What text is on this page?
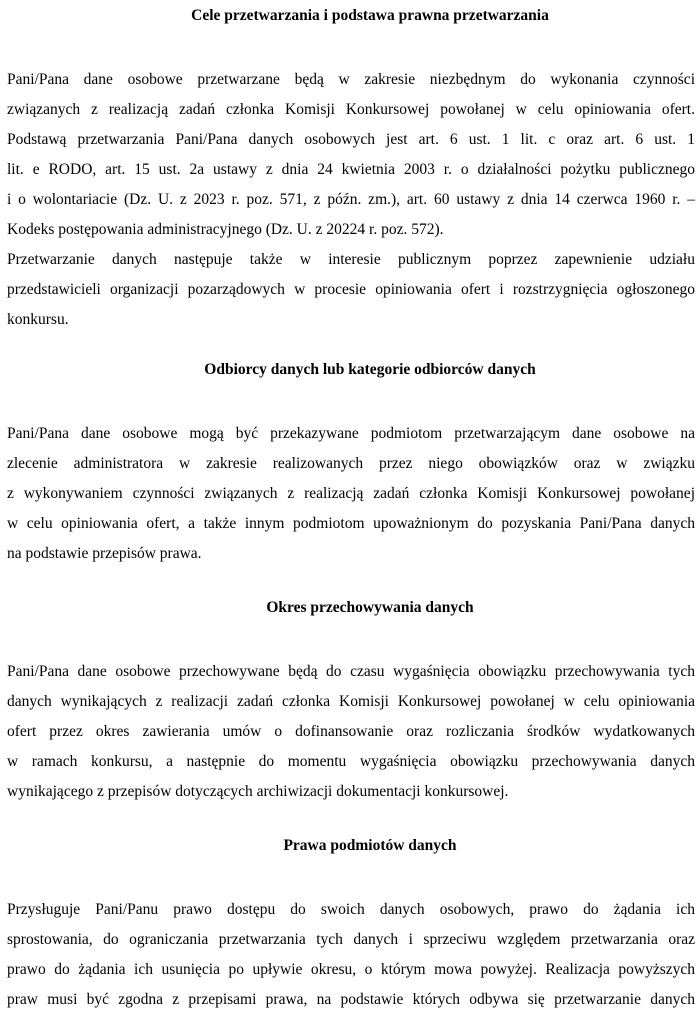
Cele przetwarzania i podstawa prawna przetwarzania
Pani/Pana dane osobowe przetwarzane będą w zakresie niezbędnym do wykonania czynności
związanych z realizacją zadań członka Komisji Konkursowej powołanej w celu opiniowania ofert.
Podstawą przetwarzania Pani/Pana danych osobowych jest art. 6 ust. 1 lit. c oraz art. 6 ust. 1
lit. e RODO, art. 15 ust. 2a ustawy z dnia 24 kwietnia 2003 r. o działalności pożytku publicznego
i o wolontariacie (Dz. U. z 2023 r. poz. 571, z późn. zm.), art. 60 ustawy z dnia 14 czerwca 1960 r. –
Kodeks postępowania administracyjnego (Dz. U. z 20224 r. poz. 572).
Przetwarzanie danych następuje także w interesie publicznym poprzez zapewnienie udziału
przedstawicieli organizacji pozarządowych w procesie opiniowania ofert i rozstrzygnięcia ogłoszonego
konkursu.
Odbiorcy danych lub kategorie odbiorców danych
Pani/Pana dane osobowe mogą być przekazywane podmiotom przetwarzającym dane osobowe na
zlecenie administratora w zakresie realizowanych przez niego obowiązków oraz w związku
z wykonywaniem czynności związanych z realizacją zadań członka Komisji Konkursowej powołanej
w celu opiniowania ofert, a także innym podmiotom upoważnionym do pozyskania Pani/Pana danych
na podstawie przepisów prawa.
Okres przechowywania danych
Pani/Pana dane osobowe przechowywane będą do czasu wygaśnięcia obowiązku przechowywania tych
danych wynikających z realizacji zadań członka Komisji Konkursowej powołanej w celu opiniowania
ofert przez okres zawierania umów o dofinansowanie oraz rozliczania środków wydatkowanych
w ramach konkursu, a następnie do momentu wygaśnięcia obowiązku przechowywania danych
wynikającego z przepisów dotyczących archiwizacji dokumentacji konkursowej.
Prawa podmiotów danych
Przysługuje Pani/Panu prawo dostępu do swoich danych osobowych, prawo do żądania ich
sprostowania, do ograniczania przetwarzania tych danych i sprzeciwu względem przetwarzania oraz
prawo do żądania ich usunięcia po upływie okresu, o którym mowa powyżej. Realizacja powyższych
praw musi być zgodna z przepisami prawa, na podstawie których odbywa się przetwarzanie danych
